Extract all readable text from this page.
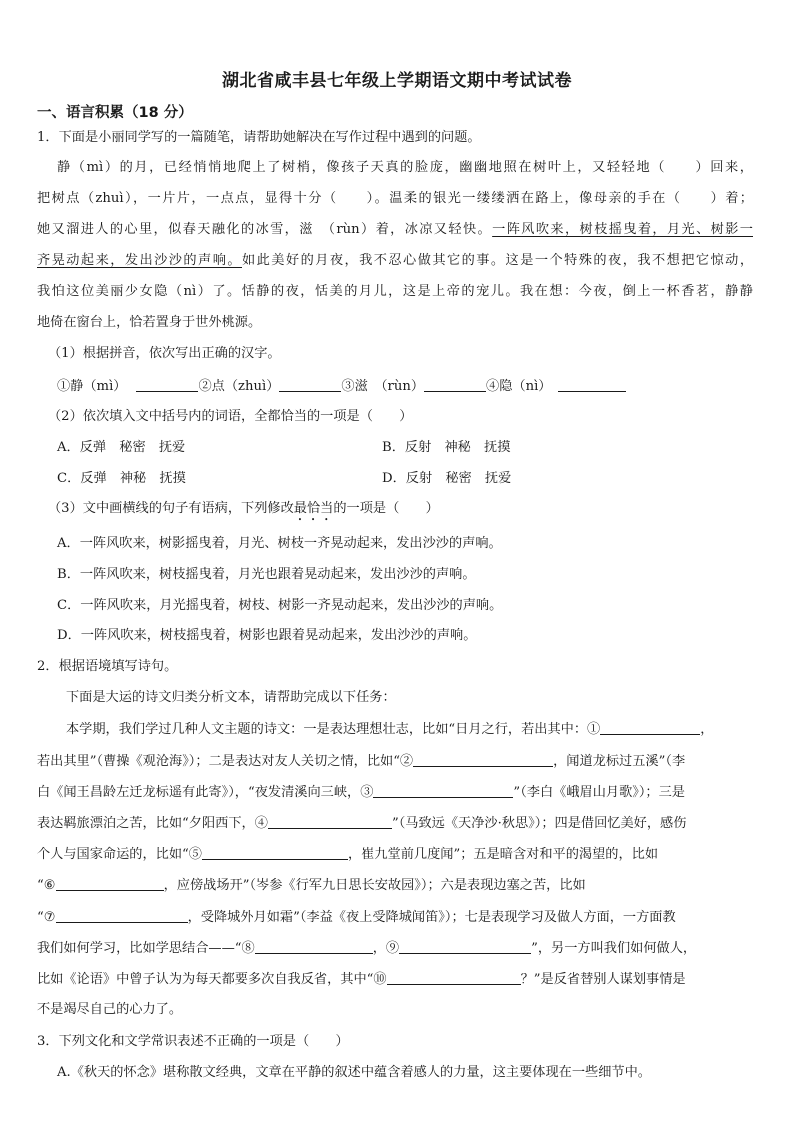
湖北省咸丰县七年级上学期语文期中考试试卷
一、语言积累（18 分）
1．下面是小丽同学写的一篇随笔，请帮助她解决在写作过程中遇到的问题。
静（mì）的月，已经悄悄地爬上了树梢，像孩子天真的脸庞，幽幽地照在树叶上，又轻轻地（　　）回来，
把树点（zhuì），一片片，一点点，显得十分（　　）。温柔的银光一缕缕洒在路上，像母亲的手在（　　）着；
她又溜进人的心里，似春天融化的冰雪，滋　（rùn）着，冰凉又轻快。一阵风吹来，树枝摇曳着，月光、树影一
齐晃动起来，发出沙沙的声响。如此美好的月夜，我不忍心做其它的事。这是一个特殊的夜，我不想把它惊动，
我怕这位美丽少女隐（nì）了。恬静的夜，恬美的月儿，这是上帝的宠儿。我在想：今夜，倒上一杯香茗，静静
地倚在窗台上，恰若置身于世外桃源。
（1）根据拼音，依次写出正确的汉字。
①静（mì）	②点（zhuì）	③滋　（rùn）	④隐（nì）
（2）依次填入文中括号内的词语，全都恰当的一项是（　　）
A．反弹　秘密　抚爱	B．反射　神秘　抚摸
C．反弹　神秘　抚摸	D．反射　秘密　抚爱
（3）文中画横线的句子有语病，下列修改最恰当的一项是（　　）
A．一阵风吹来，树影摇曳着，月光、树枝一齐晃动起来，发出沙沙的声响。
B．一阵风吹来，树枝摇曳着，月光也跟着晃动起来，发出沙沙的声响。
C．一阵风吹来，月光摇曳着，树枝、树影一齐晃动起来，发出沙沙的声响。
D．一阵风吹来，树枝摇曳着，树影也跟着晃动起来，发出沙沙的声响。
2．根据语境填写诗句。
下面是大运的诗文归类分析文本，请帮助完成以下任务：
本学期，我们学过几种人文主题的诗文：一是表达理想壮志，比如“日月之行，若出其中：①	，
若出其里”（曹操《观沧海》）；二是表达对友人关切之情，比如“②	，闻道龙标过五溪”（李
白《闻王昌龄左迁龙标遥有此寄》），“夜发清溪向三峡，③	”（李白《峨眉山月歌》）；三是
表达羁旅漂泊之苦，比如“夕阳西下，④	”（马致远《天净沙·秋思》）；四是借回忆美好，感伤
个人与国家命运的，比如“⑤	，崔九堂前几度闻”；五是暗含对和平的渴望的，比如
“⑥	，应傍战场开”（岑参《行军九日思长安故园》）；六是表现边塞之苦，比如
“⑦	，受降城外月如霜”（李益《夜上受降城闻笛》）；七是表现学习及做人方面，一方面教
我们如何学习，比如学思结合——“⑧	，⑨	”，另一方叫我们如何做人，
比如《论语》中曾子认为为每天都要多次自我反省，其中“⑩	？”是反省替别人谋划事情是
不是竭尽自己的心力了。
3．下列文化和文学常识表述不正确的一项是（　　）
A.《秋天的怀念》堪称散文经典，文章在平静的叙述中蕴含着感人的力量，这主要体现在一些细节中。
